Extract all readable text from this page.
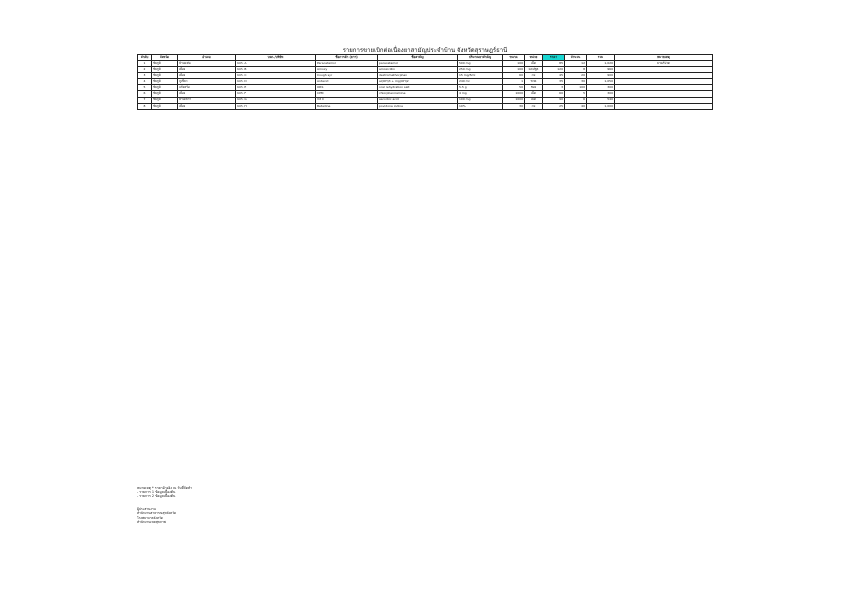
รายการขายเบิกต่อเนื่องยาสามัญประจำบ้าน จังหวัดสุราษฎร์ธานี
ลำดับ	จังหวัด	อำเภอ	บจก./บริษัท	ชื่อการค้า (ยาฯ)	ชื่อสามัญ	ปริมาณยาสำคัญ	ขนาด	หน่วย	ราคา	จำนวน	รวม	หมายเหตุ
1	ชัยภูมิ	บ้านแท่น	บจก. A	Paracetamol	paracetamol	500 mg	100	เม็ด	85	12	1,020	ยาแก้ปวด
2	ชัยภูมิ	เมือง	บจก. B	Amoxy	amoxicillin	250 mg	100	แคปซูล	120	8	960	
3	ชัยภูมิ	เมือง	บจก. C	Cough syr	dextromethorphan	15 mg/5ml	60	ml	45	20	900	
4	ชัยภูมิ	ภูเขียว	บจก. D	Antacid	al(OH)3 + mg(OH)2	240 ml	1	ขวด	35	30	1,050	
5	ชัยภูมิ	แก้งคร้อ	บจก. E	ORS	oral rehydration salt	5.5 g	50	ซอง	3	100	300	
6	ชัยภูมิ	เมือง	บจก. F	CPM	chlorpheniramine	4 mg	1000	เม็ด	60	5	300	
7	ชัยภูมิ	บ้านเขว้า	บจก. G	Vit C	ascorbic acid	100 mg	1000	เม็ด	90	6	540	
8	ชัยภูมิ	เมือง	บจก. H	Betadine	povidone iodine	10%	30	ml	25	40	1,000	
หมายเหตุ * ราคาอ้างอิง ณ วันที่จัดทำ
- รายการ 1 ข้อมูลเบื้องต้น
- รายการ 2 ข้อมูลเบื้องต้น
ผู้ประสานงาน
สำนักงานสาธารณสุขจังหวัด
โรงพยาบาลจังหวัด
สำนักงานเขตสุขภาพ
